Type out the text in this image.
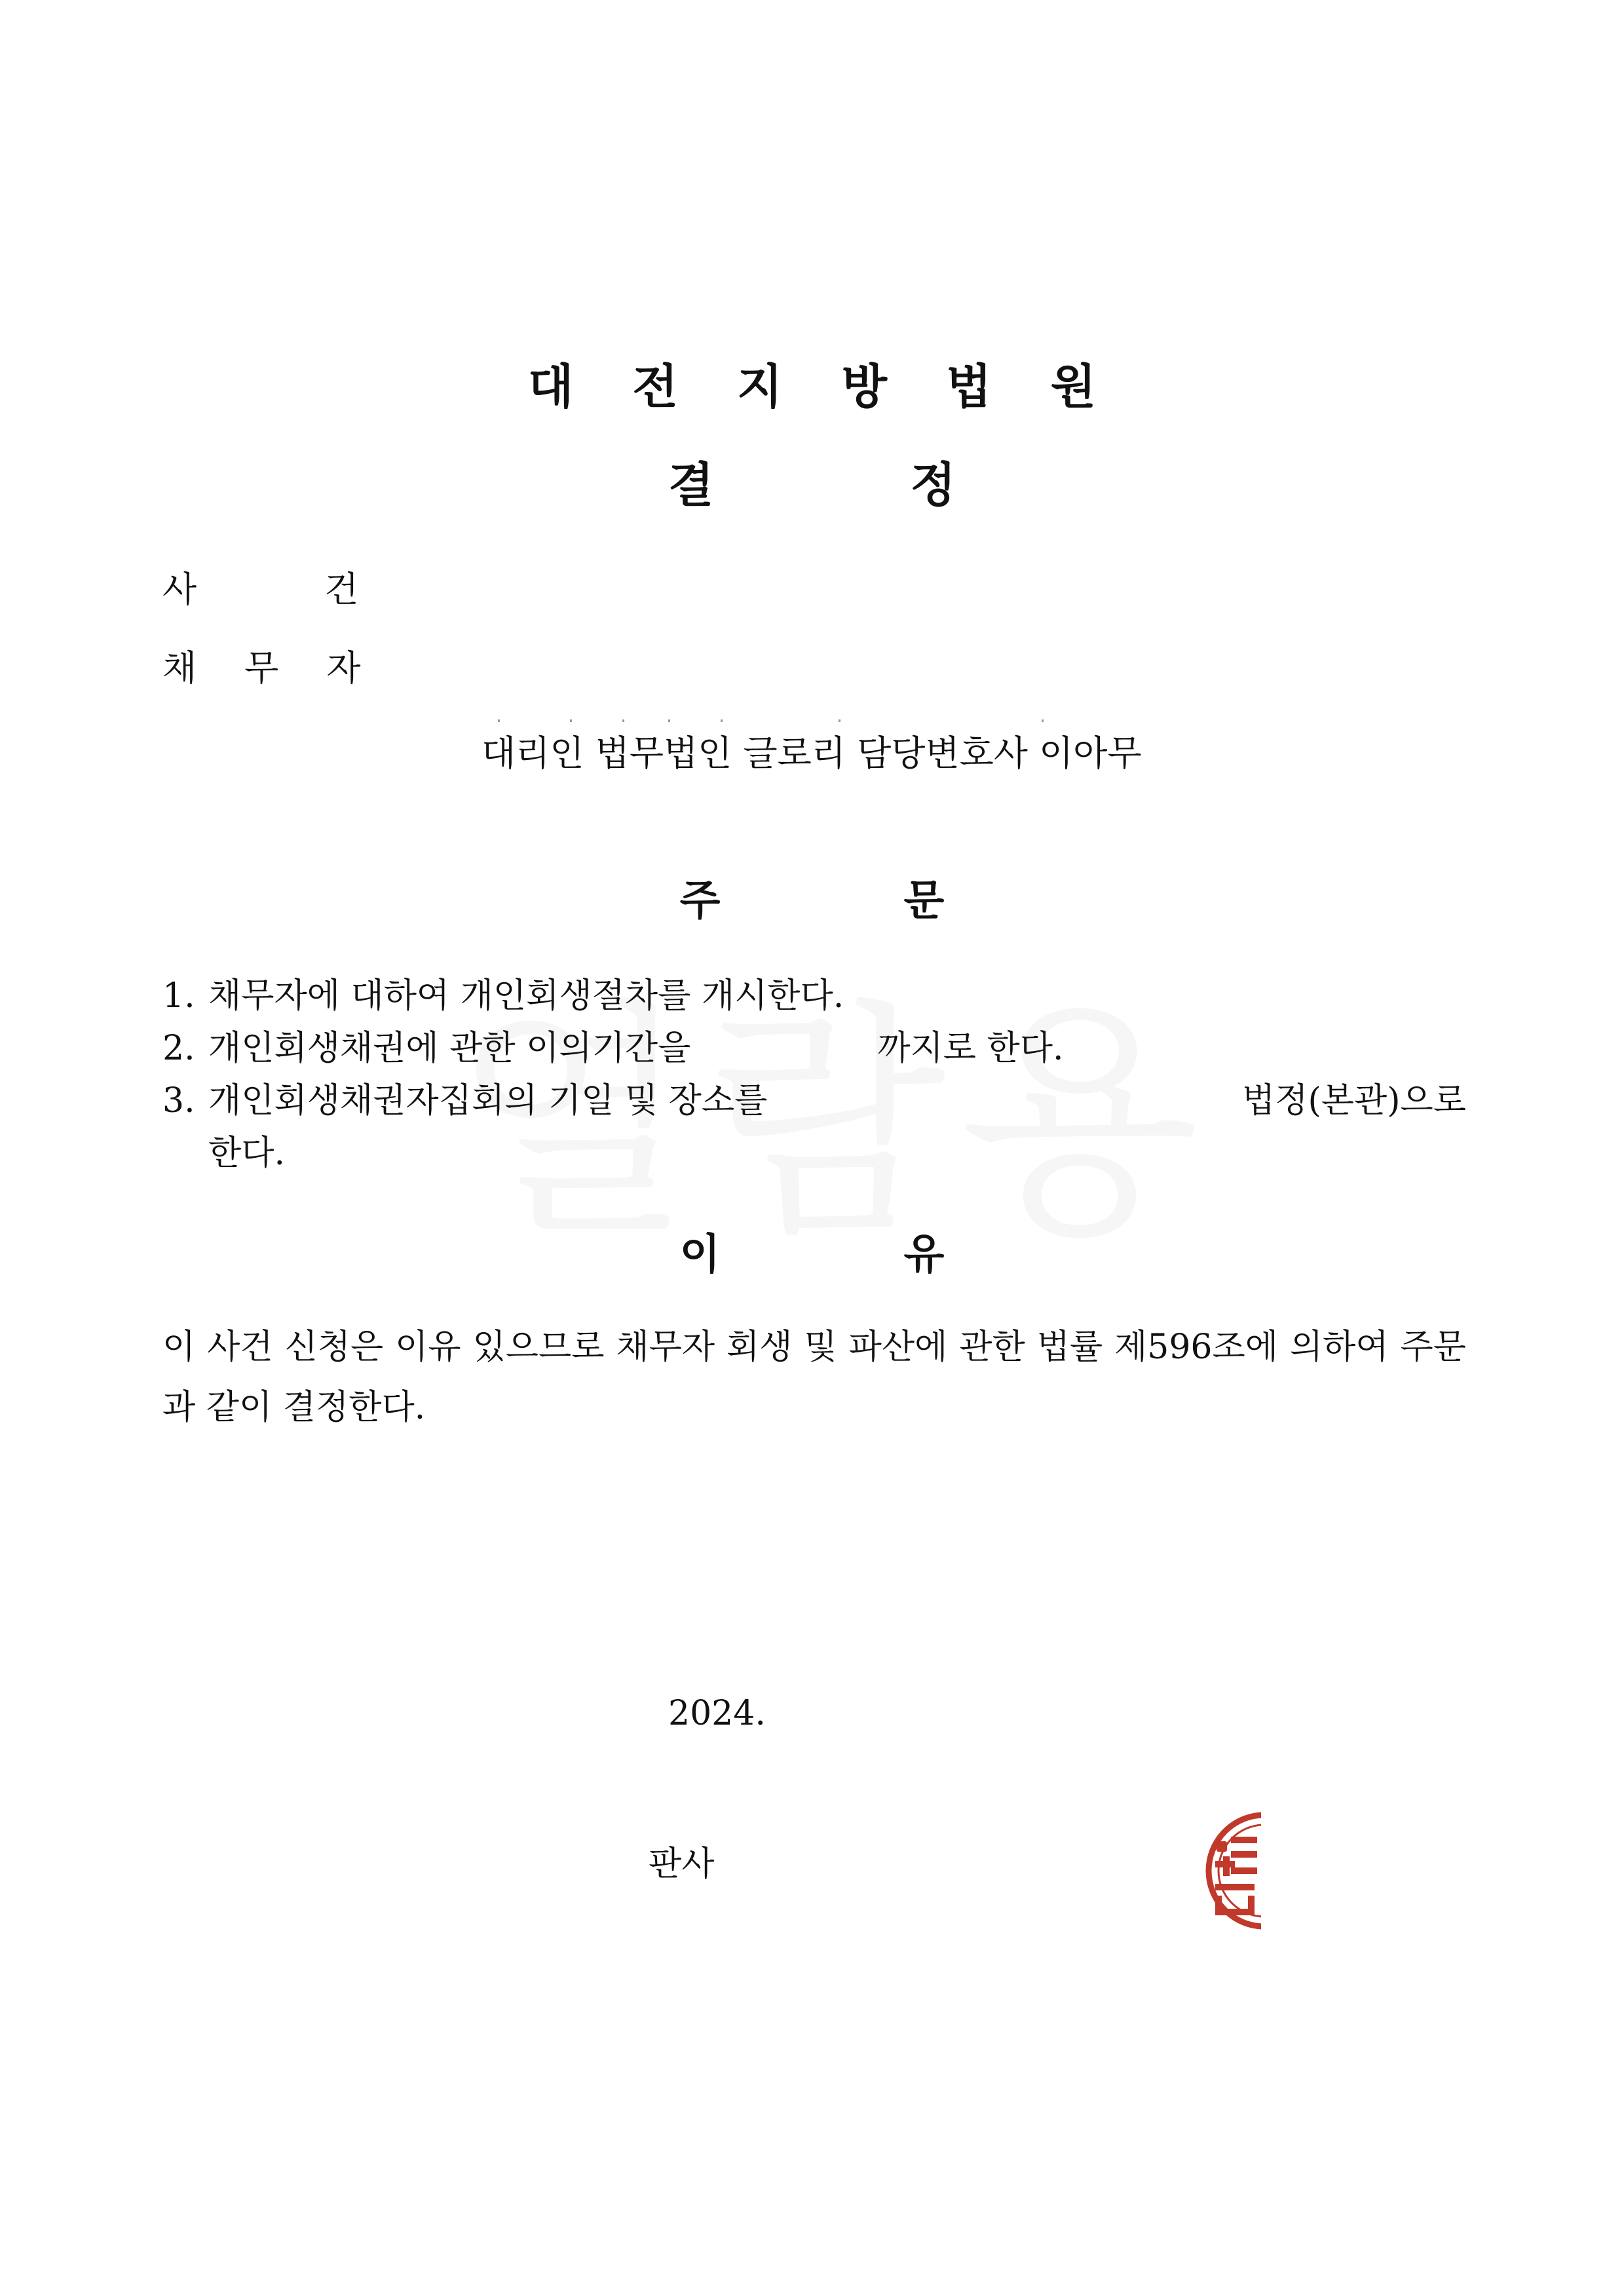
대 전 지 방 법 원
결	정
사	건
채 무 자
대리인 법무법인 글로리 담당변호사 이아무
주	문
1. 채무자에 대하여 개인회생절차를 개시한다.
2. 개인회생채권에 관한 이의기간을	까지로 한다.
3. 개인회생채권자집회의 기일 및 장소를	법정(본관)으로
한다.
이	유
이 사건 신청은 이유 있으므로 채무자 회생 및 파산에 관한 법률 제596조에 의하여 주문과 같이 결정한다.
2024.
판사
